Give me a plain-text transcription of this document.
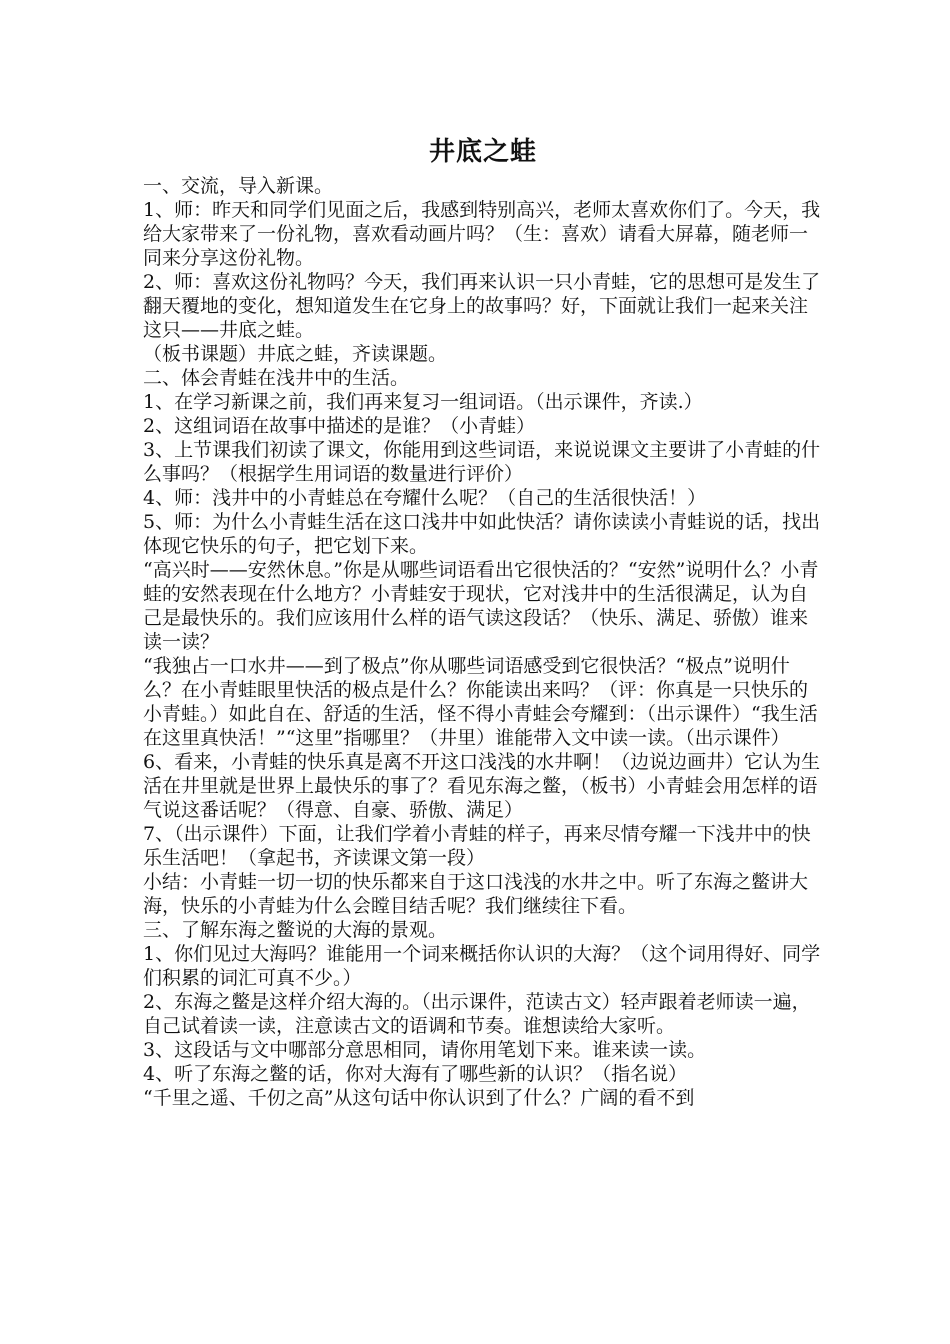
井底之蛙

一、交流，导入新课。

1、师：昨天和同学们见面之后，我感到特别高兴，老师太喜欢你们了。今天，我给大家带来了一份礼物，喜欢看动画片吗？（生：喜欢）请看大屏幕，随老师一同来分享这份礼物。

2、师：喜欢这份礼物吗？今天，我们再来认识一只小青蛙，它的思想可是发生了翻天覆地的变化，想知道发生在它身上的故事吗？好，下面就让我们一起来关注这只——井底之蛙。

（板书课题）井底之蛙，齐读课题。

二、体会青蛙在浅井中的生活。

1、在学习新课之前，我们再来复习一组词语。（出示课件，齐读.）

2、这组词语在故事中描述的是谁？（小青蛙）

3、上节课我们初读了课文，你能用到这些词语，来说说课文主要讲了小青蛙的什么事吗？（根据学生用词语的数量进行评价）

4、师：浅井中的小青蛙总在夸耀什么呢？（自己的生活很快活！）

5、师：为什么小青蛙生活在这口浅井中如此快活？请你读读小青蛙说的话，找出体现它快乐的句子，把它划下来。

“高兴时——安然休息。”你是从哪些词语看出它很快活的？“安然”说明什么？小青蛙的安然表现在什么地方？小青蛙安于现状，它对浅井中的生活很满足，认为自己是最快乐的。我们应该用什么样的语气读这段话？（快乐、满足、骄傲）谁来读一读？

“我独占一口水井——到了极点”你从哪些词语感受到它很快活？“极点”说明什么？在小青蛙眼里快活的极点是什么？你能读出来吗？（评：你真是一只快乐的小青蛙。）如此自在、舒适的生活，怪不得小青蛙会夸耀到：（出示课件）“我生活在这里真快活！”“这里”指哪里？（井里）谁能带入文中读一读。（出示课件）

6、看来，小青蛙的快乐真是离不开这口浅浅的水井啊！（边说边画井）它认为生活在井里就是世界上最快乐的事了？看见东海之鳖，（板书）小青蛙会用怎样的语气说这番话呢？（得意、自豪、骄傲、满足）

7、（出示课件）下面，让我们学着小青蛙的样子，再来尽情夸耀一下浅井中的快乐生活吧！（拿起书，齐读课文第一段）

小结：小青蛙一切一切的快乐都来自于这口浅浅的水井之中。听了东海之鳖讲大海，快乐的小青蛙为什么会瞠目结舌呢？我们继续往下看。

三、了解东海之鳖说的大海的景观。

1、你们见过大海吗？谁能用一个词来概括你认识的大海？（这个词用得好、同学们积累的词汇可真不少。）

2、东海之鳖是这样介绍大海的。（出示课件，范读古文）轻声跟着老师读一遍，自己试着读一读，注意读古文的语调和节奏。谁想读给大家听。

3、这段话与文中哪部分意思相同，请你用笔划下来。谁来读一读。

4、听了东海之鳖的话，你对大海有了哪些新的认识？（指名说）

“千里之遥、千仞之高”从这句话中你认识到了什么？广阔的看不到
